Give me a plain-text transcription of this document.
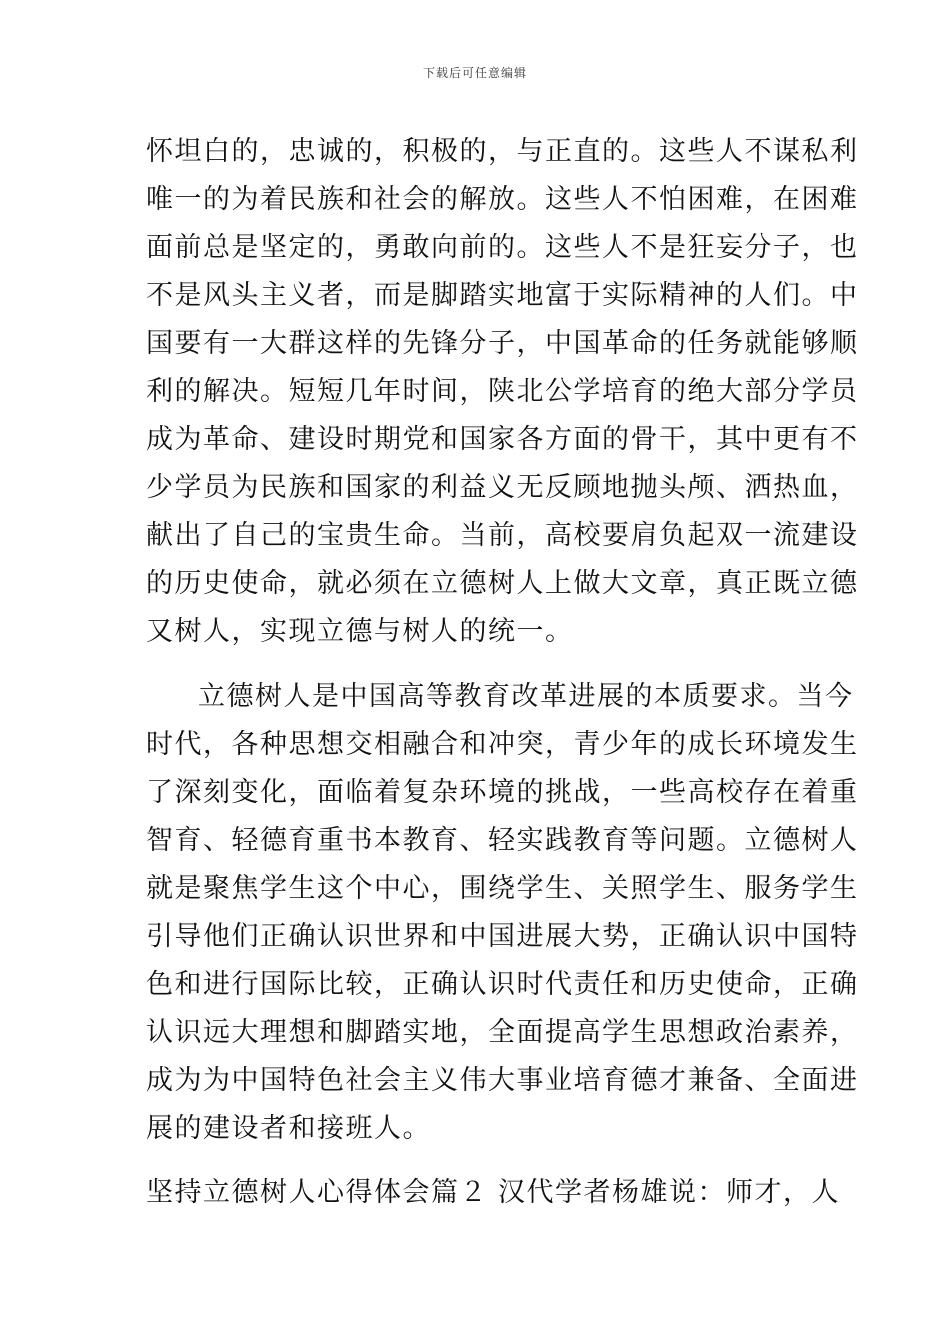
下载后可任意编辑
怀坦白的，忠诚的，积极的，与正直的。这些人不谋私利
唯一的为着民族和社会的解放。这些人不怕困难，在困难
面前总是坚定的，勇敢向前的。这些人不是狂妄分子，也
不是风头主义者，而是脚踏实地富于实际精神的人们。中
国要有一大群这样的先锋分子，中国革命的任务就能够顺
利的解决。短短几年时间，陕北公学培育的绝大部分学员
成为革命、建设时期党和国家各方面的骨干，其中更有不
少学员为民族和国家的利益义无反顾地抛头颅、洒热血，
献出了自己的宝贵生命。当前，高校要肩负起双一流建设
的历史使命，就必须在立德树人上做大文章，真正既立德
又树人，实现立德与树人的统一。
立德树人是中国高等教育改革进展的本质要求。当今
时代，各种思想交相融合和冲突，青少年的成长环境发生
了深刻变化，面临着复杂环境的挑战，一些高校存在着重
智育、轻德育重书本教育、轻实践教育等问题。立德树人
就是聚焦学生这个中心，围绕学生、关照学生、服务学生
引导他们正确认识世界和中国进展大势，正确认识中国特
色和进行国际比较，正确认识时代责任和历史使命，正确
认识远大理想和脚踏实地，全面提高学生思想政治素养，
成为为中国特色社会主义伟大事业培育德才兼备、全面进
展的建设者和接班人。
坚持立德树人心得体会篇２ 汉代学者杨雄说：师才，人
